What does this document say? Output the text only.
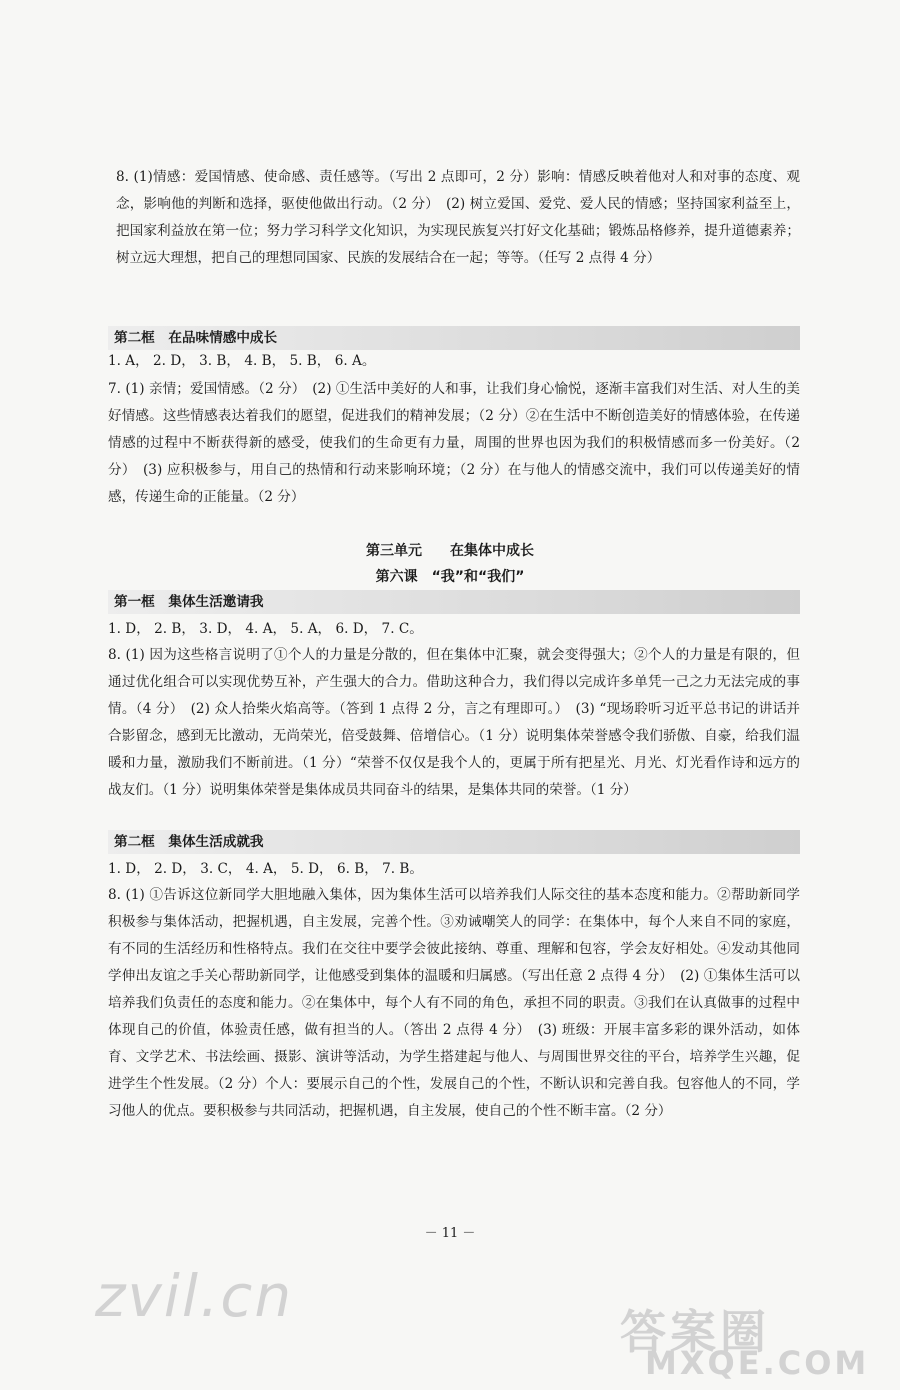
8. (1)情感：爱国情感、使命感、责任感等。（写出 2 点即可，2 分）影响：情感反映着他对人和对事的态度、观念，影响他的判断和选择，驱使他做出行动。（2 分）　(2) 树立爱国、爱党、爱人民的情感；坚持国家利益至上，把国家利益放在第一位；努力学习科学文化知识，为实现民族复兴打好文化基础；锻炼品格修养，提升道德素养；树立远大理想，把自己的理想同国家、民族的发展结合在一起；等等。（任写 2 点得 4 分）
第二框　在品味情感中成长
1. A， 2. D， 3. B， 4. B， 5. B， 6. A。
7. (1) 亲情；爱国情感。（2 分）　(2) ①生活中美好的人和事，让我们身心愉悦，逐渐丰富我们对生活、对人生的美好情感。这些情感表达着我们的愿望，促进我们的精神发展；（2 分）②在生活中不断创造美好的情感体验，在传递情感的过程中不断获得新的感受，使我们的生命更有力量，周围的世界也因为我们的积极情感而多一份美好。（2 分）　(3) 应积极参与，用自己的热情和行动来影响环境；（2 分）在与他人的情感交流中，我们可以传递美好的情感，传递生命的正能量。（2 分）
第三单元　　在集体中成长
第六课　“我”和“我们”
第一框　集体生活邀请我
1. D， 2. B， 3. D， 4. A， 5. A， 6. D， 7. C。
8. (1) 因为这些格言说明了①个人的力量是分散的，但在集体中汇聚，就会变得强大；②个人的力量是有限的，但通过优化组合可以实现优势互补，产生强大的合力。借助这种合力，我们得以完成许多单凭一己之力无法完成的事情。（4 分）　(2) 众人拾柴火焰高等。（答到 1 点得 2 分，言之有理即可。）　(3) “现场聆听习近平总书记的讲话并合影留念，感到无比激动，无尚荣光，倍受鼓舞、倍增信心。（1 分）说明集体荣誉感令我们骄傲、自豪，给我们温暖和力量，激励我们不断前进。（1 分）“荣誉不仅仅是我个人的，更属于所有把星光、月光、灯光看作诗和远方的战友们。（1 分）说明集体荣誉是集体成员共同奋斗的结果，是集体共同的荣誉。（1 分）
第二框　集体生活成就我
1. D， 2. D， 3. C， 4. A， 5. D， 6. B， 7. B。
8. (1) ①告诉这位新同学大胆地融入集体，因为集体生活可以培养我们人际交往的基本态度和能力。②帮助新同学积极参与集体活动，把握机遇，自主发展，完善个性。③劝诫嘲笑人的同学：在集体中，每个人来自不同的家庭，有不同的生活经历和性格特点。我们在交往中要学会彼此接纳、尊重、理解和包容，学会友好相处。④发动其他同学伸出友谊之手关心帮助新同学，让他感受到集体的温暖和归属感。（写出任意 2 点得 4 分）　(2) ①集体生活可以培养我们负责任的态度和能力。②在集体中，每个人有不同的角色，承担不同的职责。③我们在认真做事的过程中体现自己的价值，体验责任感，做有担当的人。（答出 2 点得 4 分）　(3) 班级：开展丰富多彩的课外活动，如体育、文学艺术、书法绘画、摄影、演讲等活动，为学生搭建起与他人、与周围世界交往的平台，培养学生兴趣，促进学生个性发展。（2 分）个人：要展示自己的个性，发展自己的个性，不断认识和完善自我。包容他人的不同，学习他人的优点。要积极参与共同活动，把握机遇，自主发展，使自己的个性不断丰富。（2 分）
－ 11 －
zvil.cn
答案圈
MXQE.COM
